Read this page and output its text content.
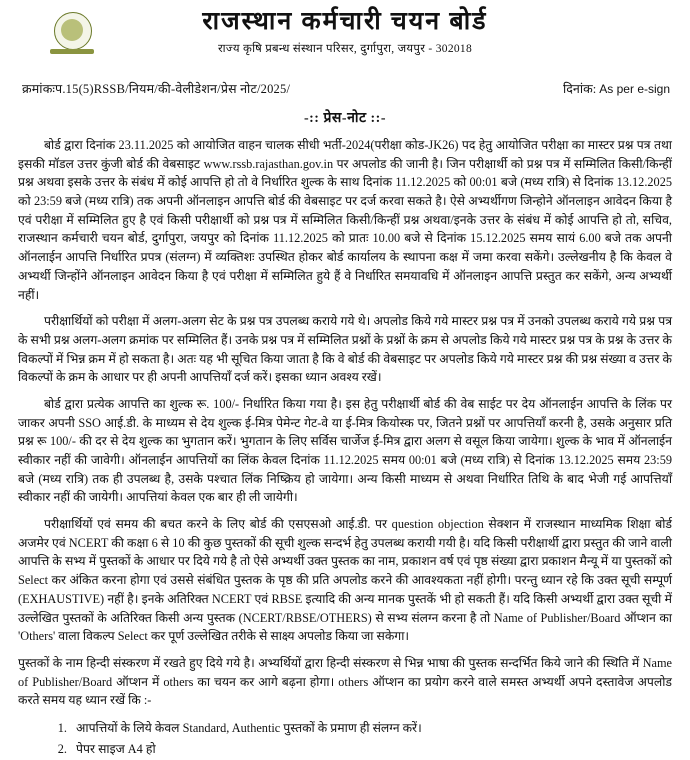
राजस्थान कर्मचारी चयन बोर्ड
राज्य कृषि प्रबन्ध संस्थान परिसर, दुर्गापुरा, जयपुर - 302018
क्रमांकःप.15(5)RSSB/नियम/की-वेलीडेशन/प्रेस नोट/2025/	दिनांक: As per e-sign
-:: प्रेस-नोट ::-

बोर्ड द्वारा दिनांक 23.11.2025 को आयोजित वाहन चालक सीधी भर्ती-2024(परीक्षा कोड-JK26) पद हेतु आयोजित परीक्षा का मास्टर प्रश्न पत्र तथा इसकी मॉडल उत्तर कुंजी बोर्ड की वेबसाइट www.rssb.rajasthan.gov.in पर अपलोड की जानी है। जिन परीक्षार्थी को प्रश्न पत्र में सम्मिलित किसी/किन्हीं प्रश्न अथवा इसके उत्तर के संबंध में कोई आपत्ति हो तो वे निर्धारित शुल्क के साथ दिनांक 11.12.2025 को 00:01 बजे (मध्य रात्रि) से दिनांक 13.12.2025 को 23:59 बजे (मध्य रात्रि) तक अपनी ऑनलाइन आपत्ति बोर्ड की वेबसाइट पर दर्ज करवा सकते है। ऐसे अभ्यर्थीगण जिन्होने ऑनलाइन आवेदन किया है एवं परीक्षा में सम्मिलित हुए है एवं किसी परीक्षार्थी को प्रश्न पत्र में सम्मिलित किसी/किन्हीं प्रश्न अथवा/इनके उत्तर के संबंध में कोई आपत्ति हो तो, सचिव, राजस्थान कर्मचारी चयन बोर्ड, दुर्गापुरा, जयपुर को दिनांक 11.12.2025 को प्रातः 10.00 बजे से दिनांक 15.12.2025 समय सायं 6.00 बजे तक अपनी ऑनलाईन आपत्ति निर्धारित प्रपत्र (संलग्न) में व्यक्तिशः उपस्थित होकर बोर्ड कार्यालय के स्थापना कक्ष में जमा करवा सकेंगे। उल्लेखनीय है कि केवल वे अभ्यर्थी जिन्होंने ऑनलाइन आवेदन किया है एवं परीक्षा में सम्मिलित हुये हैं वे निर्धारित समयावधि में ऑनलाइन आपत्ति प्रस्तुत कर सकेंगे, अन्य अभ्यर्थी नहीं।

परीक्षार्थियों को परीक्षा में अलग-अलग सेट के प्रश्न पत्र उपलब्ध कराये गये थे। अपलोड किये गये मास्टर प्रश्न पत्र में उनको उपलब्ध कराये गये प्रश्न पत्र के सभी प्रश्न अलग-अलग क्रमांक पर सम्मिलित हैं। उनके प्रश्न पत्र में सम्मिलित प्रश्नों के प्रश्नों के क्रम से अपलोड किये गये मास्टर प्रश्न पत्र के प्रश्न के उत्तर के विकल्पों में भिन्न क्रम में हो सकता है। अतः यह भी सूचित किया जाता है कि वे बोर्ड की वेबसाइट पर अपलोड किये गये मास्टर प्रश्न की प्रश्न संख्या व उत्तर के विकल्पों के क्रम के आधार पर ही अपनी आपत्तियाँ दर्ज करें। इसका ध्यान अवश्य रखें।

बोर्ड द्वारा प्रत्येक आपत्ति का शुल्क रू. 100/- निर्धारित किया गया है। इस हेतु परीक्षार्थी बोर्ड की वेब साईट पर देय ऑनलाईन आपत्ति के लिंक पर जाकर अपनी SSO आई.डी. के माध्यम से देय शुल्क ई-मित्र पेमेन्ट गेट-वे या ई-मित्र कियोस्क पर, जितने प्रश्नों पर आपत्तियाँ करनी है, उसके अनुसार प्रति प्रश्न रू 100/- की दर से देय शुल्क का भुगतान करें। भुगतान के लिए सर्विस चार्जेज ई-मित्र द्वारा अलग से वसूल किया जायेगा। शुल्क के भाव में ऑनलाईन स्वीकार नहीं की जावेगी। ऑनलाईन आपत्तियों का लिंक केवल दिनांक 11.12.2025 समय 00:01 बजे (मध्य रात्रि) से दिनांक 13.12.2025 समय 23:59 बजे (मध्य रात्रि) तक ही उपलब्ध है, उसके पश्चात लिंक निष्क्रिय हो जायेगा। अन्य किसी माध्यम से अथवा निर्धारित तिथि के बाद भेजी गई आपत्तियाँ स्वीकार नहीं की जायेगी। आपत्तियां केवल एक बार ही ली जायेगी।

परीक्षार्थियों एवं समय की बचत करने के लिए बोर्ड की एसएसओ आई.डी. पर question objection सेक्शन में राजस्थान माध्यमिक शिक्षा बोर्ड अजमेर एवं NCERT की कक्षा 6 से 10 की कुछ पुस्तकों की सूची शुल्क सन्दर्भ हेतु उपलब्ध करायी गयी है। यदि किसी परीक्षार्थी द्वारा प्रस्तुत की जाने वाली आपत्ति के सभ्य में पुस्तकों के आधार पर दिये गये है तो ऐसे अभ्यर्थी उक्त पुस्तक का नाम, प्रकाशन वर्ष एवं पृष्ठ संख्या द्वारा प्रकाशन मैन्यू में या पुस्तकों को Select कर अंकित करना होगा एवं उससे संबंधित पुस्तक के पृष्ठ की प्रति अपलोड करने की आवश्यकता नहीं होगी। परन्तु ध्यान रहे कि उक्त सूची सम्पूर्ण (EXHAUSTIVE) नहीं है। इनके अतिरिक्त NCERT एवं RBSE इत्यादि की अन्य मानक पुस्तकें भी हो सकती हैं। यदि किसी अभ्यर्थी द्वारा उक्त सूची में उल्लेखित पुस्तकों के अतिरिक्त किसी अन्य पुस्तक (NCERT/RBSE/OTHERS) से सभ्य संलग्न करना है तो Name of Publisher/Board ऑप्शन का 'Others' वाला विकल्प Select कर पूर्ण उल्लेखित तरीके से साक्ष्य अपलोड किया जा सकेगा।

पुस्तकों के नाम हिन्दी संस्करण में रखते हुए दिये गये है। अभ्यर्थियों द्वारा हिन्दी संस्करण से भिन्न भाषा की पुस्तक सन्दर्भित किये जाने की स्थिति में Name of Publisher/Board ऑप्शन में others का चयन कर आगे बढ़ना होगा। others ऑप्शन का प्रयोग करने वाले समस्त अभ्यर्थी अपने दस्तावेज अपलोड करते समय यह ध्यान रखें कि :-

1. आपत्तियों के लिये केवल Standard, Authentic पुस्तकों के प्रमाण ही संलग्न करें।
2. पेपर साइज A4 हो
